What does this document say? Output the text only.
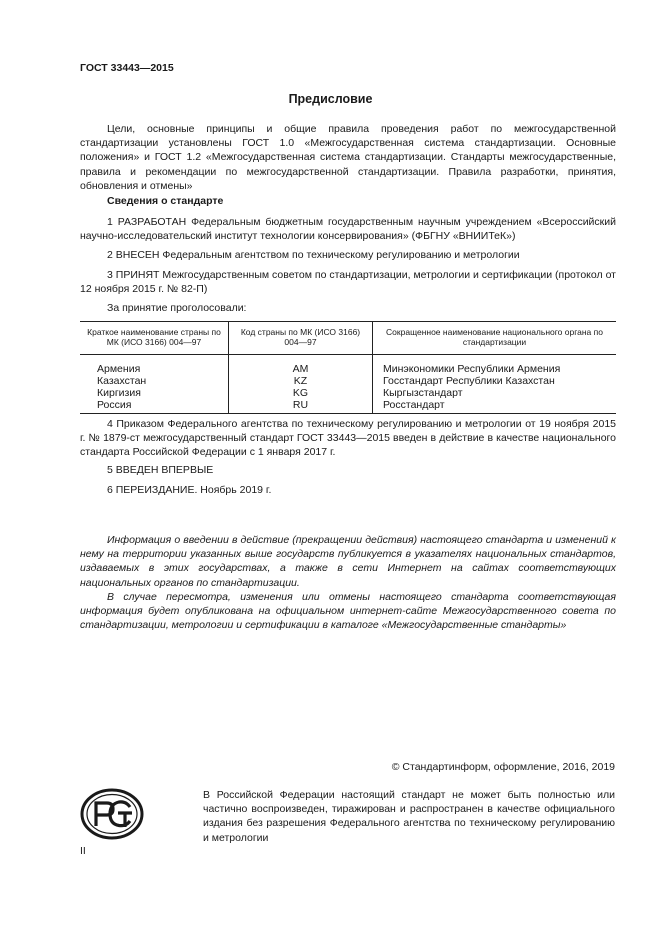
ГОСТ 33443—2015
Предисловие

Цели, основные принципы и общие правила проведения работ по межгосударственной стандартизации установлены ГОСТ 1.0 «Межгосударственная система стандартизации. Основные положения» и ГОСТ 1.2 «Межгосударственная система стандартизации. Стандарты межгосударственные, правила и рекомендации по межгосударственной стандартизации. Правила разработки, принятия, обновления и отмены»

Сведения о стандарте

1 РАЗРАБОТАН Федеральным бюджетным государственным научным учреждением «Всероссийский научно-исследовательский институт технологии консервирования» (ФБГНУ «ВНИИТеК»)

2 ВНЕСЕН Федеральным агентством по техническому регулированию и метрологии

3 ПРИНЯТ Межгосударственным советом по стандартизации, метрологии и сертификации (протокол от 12 ноября 2015 г. № 82-П)

За принятие проголосовали:

Краткое наименование страны по МК (ИСО 3166) 004—97	Код страны по МК (ИСО 3166) 004—97	Сокращенное наименование национального органа по стандартизации
Армения	AM	Минэкономики Республики Армения
Казахстан	KZ	Госстандарт Республики Казахстан
Киргизия	KG	Кыргызстандарт
Россия	RU	Росстандарт

4 Приказом Федерального агентства по техническому регулированию и метрологии от 19 ноября 2015 г. № 1879-ст межгосударственный стандарт ГОСТ 33443—2015 введен в действие в качестве национального стандарта Российской Федерации с 1 января 2017 г.

5 ВВЕДЕН ВПЕРВЫЕ

6 ПЕРЕИЗДАНИЕ. Ноябрь 2019 г.

Информация о введении в действие (прекращении действия) настоящего стандарта и изменений к нему на территории указанных выше государств публикуется в указателях национальных стандартов, издаваемых в этих государствах, а также в сети Интернет на сайтах соответствующих национальных органов по стандартизации.

В случае пересмотра, изменения или отмены настоящего стандарта соответствующая информация будет опубликована на официальном интернет-сайте Межгосударственного совета по стандартизации, метрологии и сертификации в каталоге «Межгосударственные стандарты»

© Стандартинформ, оформление, 2016, 2019

В Российской Федерации настоящий стандарт не может быть полностью или частично воспроизведен, тиражирован и распространен в качестве официального издания без разрешения Федерального агентства по техническому регулированию и метрологии

II
